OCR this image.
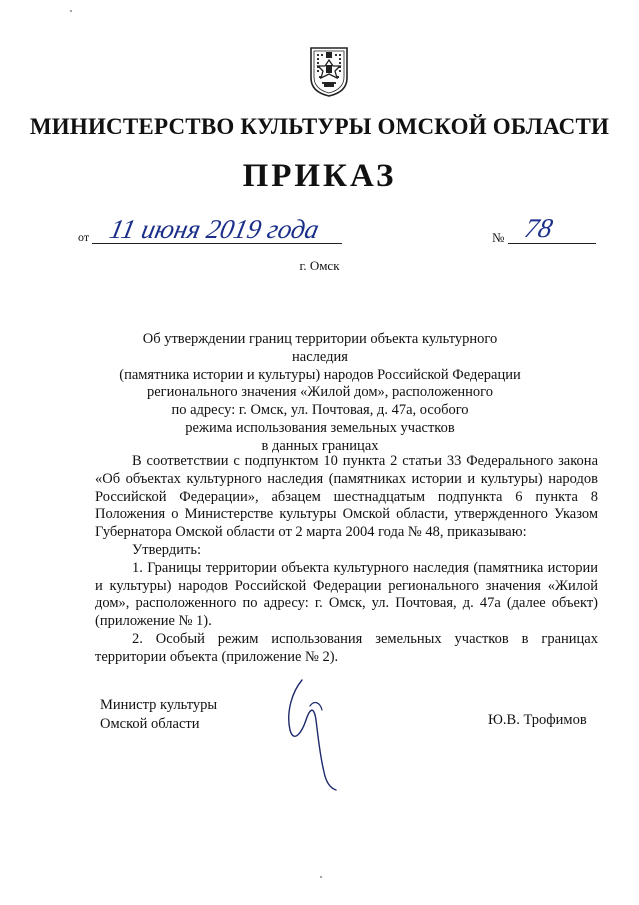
МИНИСТЕРСТВО КУЛЬТУРЫ ОМСКОЙ ОБЛАСТИ
ПРИКАЗ
от 11 июня 2019 года	№ 78
г. Омск
Об утверждении границ территории объекта культурного наследия
(памятника истории и культуры) народов Российской Федерации
регионального значения «Жилой дом», расположенного
по адресу: г. Омск, ул. Почтовая, д. 47а, особого
режима использования земельных участков
в данных границах

В соответствии с подпунктом 10 пункта 2 статьи 33 Федерального закона «Об объектах культурного наследия (памятниках истории и культуры) народов Российской Федерации», абзацем шестнадцатым подпункта 6 пункта 8 Положения о Министерстве культуры Омской области, утвержденного Указом Губернатора Омской области от 2 марта 2004 года № 48, приказываю:

Утвердить:

1. Границы территории объекта культурного наследия (памятника истории и культуры) народов Российской Федерации регионального значения «Жилой дом», расположенного по адресу: г. Омск, ул. Почтовая, д. 47а (далее объект) (приложение № 1).

2. Особый режим использования земельных участков в границах территории объекта (приложение № 2).

Министр культуры
Омской области	Ю.В. Трофимов
